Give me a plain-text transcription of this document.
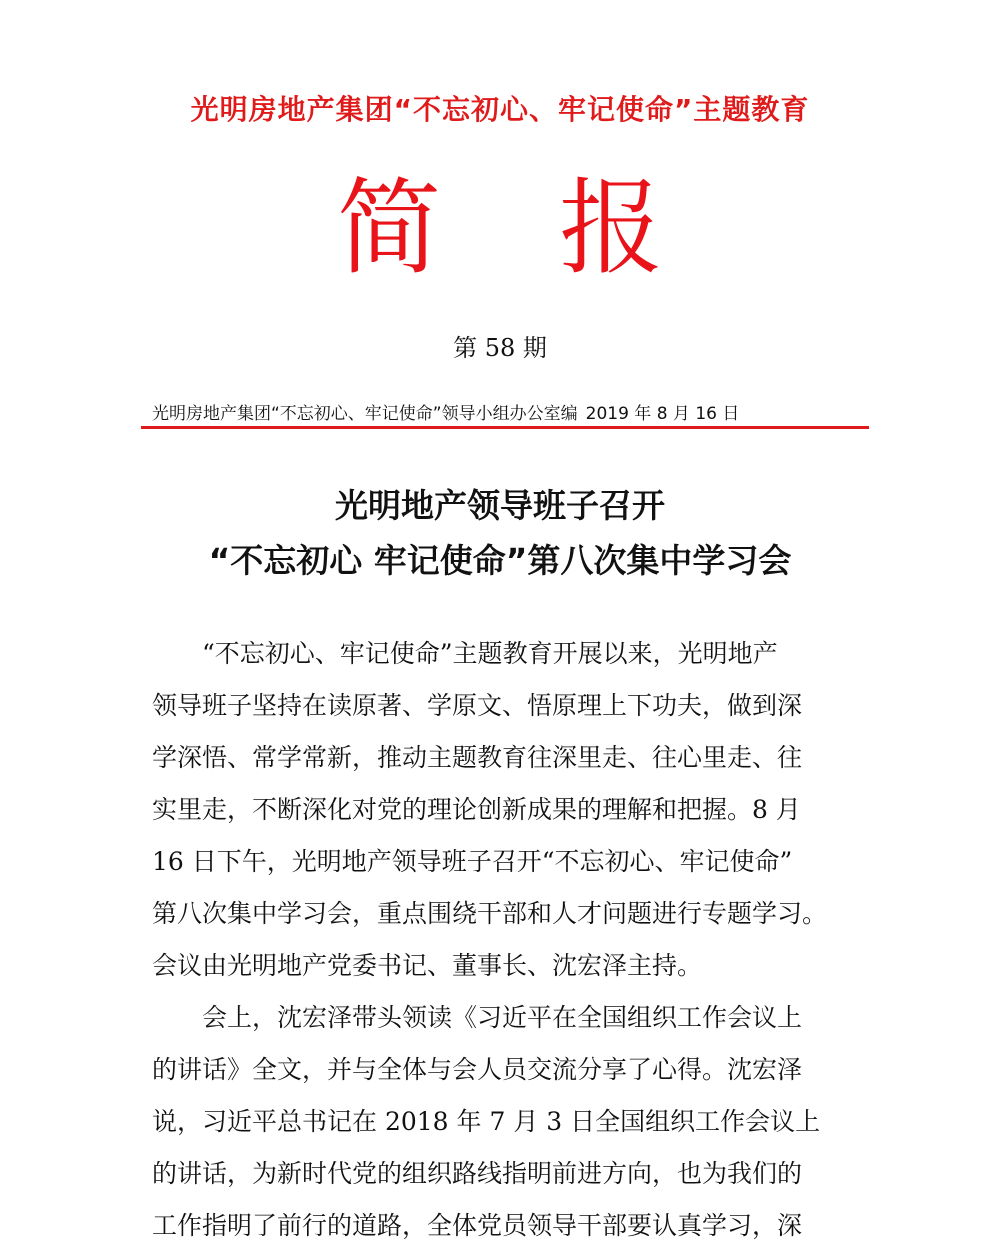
光明房地产集团“不忘初心、牢记使命”主题教育
简 报
第 58 期
光明房地产集团“不忘初心、牢记使命”领导小组办公室编 2019 年 8 月 16 日
光明地产领导班子召开
“不忘初心 牢记使命”第八次集中学习会
“不忘初心、牢记使命”主题教育开展以来，光明地产
领导班子坚持在读原著、学原文、悟原理上下功夫，做到深
学深悟、常学常新，推动主题教育往深里走、往心里走、往
实里走，不断深化对党的理论创新成果的理解和把握。8 月
16 日下午，光明地产领导班子召开“不忘初心、牢记使命”
第八次集中学习会，重点围绕干部和人才问题进行专题学习。
会议由光明地产党委书记、董事长、沈宏泽主持。
会上，沈宏泽带头领读《习近平在全国组织工作会议上
的讲话》全文，并与全体与会人员交流分享了心得。沈宏泽
说，习近平总书记在 2018 年 7 月 3 日全国组织工作会议上
的讲话，为新时代党的组织路线指明前进方向，也为我们的
工作指明了前行的道路，全体党员领导干部要认真学习，深
